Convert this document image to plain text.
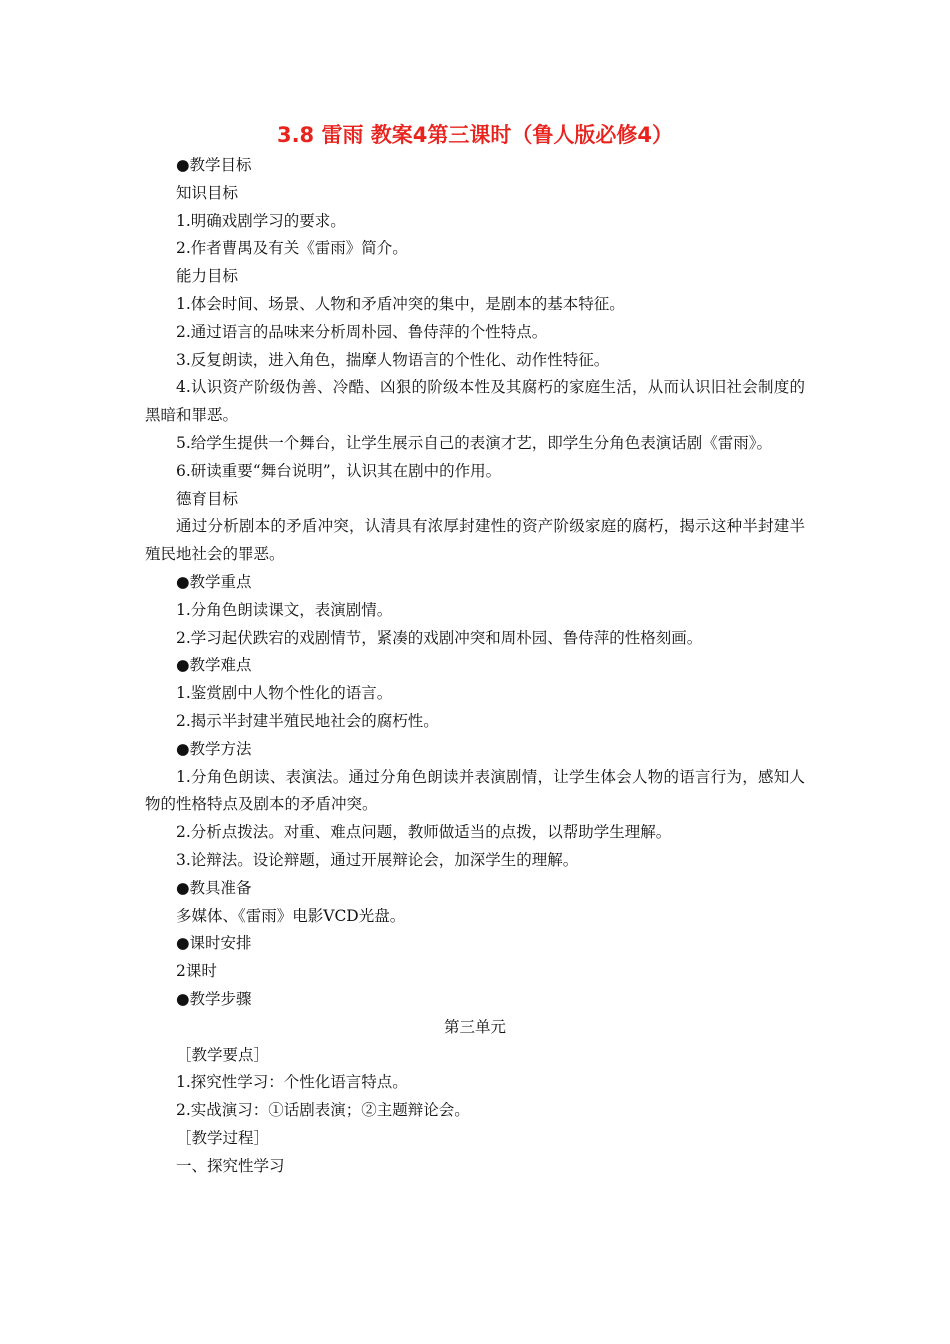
3.8 雷雨 教案4第三课时（鲁人版必修4）

●教学目标

知识目标

1.明确戏剧学习的要求。

2.作者曹禺及有关《雷雨》简介。

能力目标

1.体会时间、场景、人物和矛盾冲突的集中，是剧本的基本特征。

2.通过语言的品味来分析周朴园、鲁侍萍的个性特点。

3.反复朗读，进入角色，揣摩人物语言的个性化、动作性特征。

4.认识资产阶级伪善、冷酷、凶狠的阶级本性及其腐朽的家庭生活，从而认识旧社会制度的黑暗和罪恶。

5.给学生提供一个舞台，让学生展示自己的表演才艺，即学生分角色表演话剧《雷雨》。

6.研读重要“舞台说明”，认识其在剧中的作用。

德育目标

通过分析剧本的矛盾冲突，认清具有浓厚封建性的资产阶级家庭的腐朽，揭示这种半封建半殖民地社会的罪恶。

●教学重点

1.分角色朗读课文，表演剧情。

2.学习起伏跌宕的戏剧情节，紧凑的戏剧冲突和周朴园、鲁侍萍的性格刻画。

●教学难点

1.鉴赏剧中人物个性化的语言。

2.揭示半封建半殖民地社会的腐朽性。

●教学方法

1.分角色朗读、表演法。通过分角色朗读并表演剧情，让学生体会人物的语言行为，感知人物的性格特点及剧本的矛盾冲突。

2.分析点拨法。对重、难点问题，教师做适当的点拨，以帮助学生理解。

3.论辩法。设论辩题，通过开展辩论会，加深学生的理解。

●教具准备

多媒体、《雷雨》电影VCD光盘。

●课时安排

2课时

●教学步骤

第三单元

［教学要点］

1.探究性学习：个性化语言特点。

2.实战演习：①话剧表演；②主题辩论会。

［教学过程］

一、探究性学习
